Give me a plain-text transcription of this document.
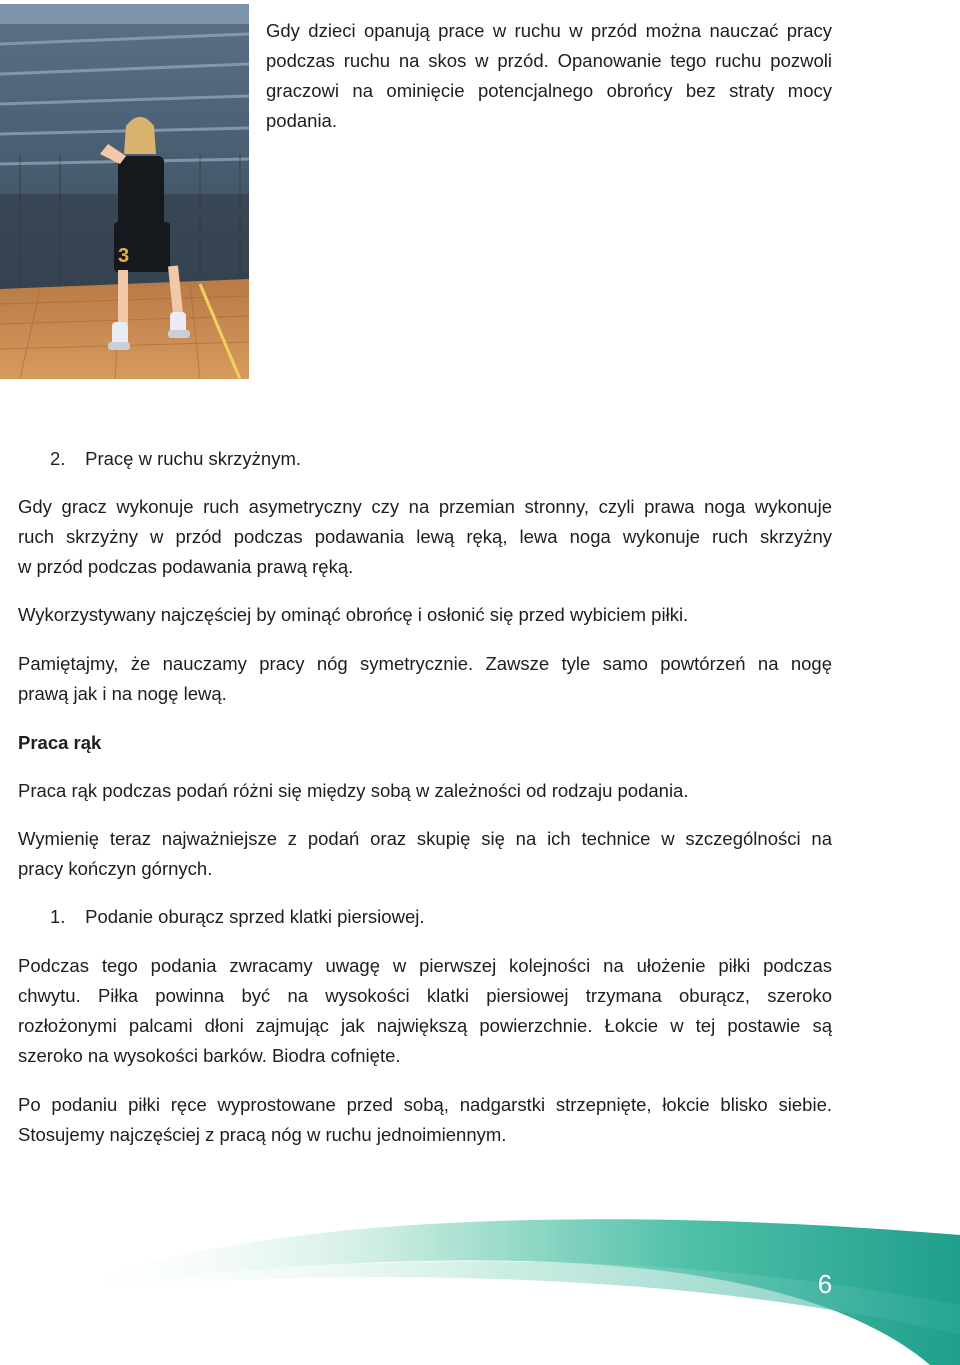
3
Gdy dzieci opanują prace w ruchu w przód można nauczać pracy
podczas ruchu na skos w przód. Opanowanie tego ruchu pozwoli
graczowi na ominięcie potencjalnego obrońcy bez straty mocy
podania.
2. Pracę w ruchu skrzyżnym.
Gdy gracz wykonuje ruch asymetryczny czy na przemian stronny, czyli prawa noga wykonuje
ruch skrzyżny w przód podczas podawania lewą ręką, lewa noga wykonuje ruch skrzyżny
w przód podczas podawania prawą ręką.
Wykorzystywany najczęściej by ominąć obrońcę i osłonić się przed wybiciem piłki.
Pamiętajmy, że nauczamy pracy nóg symetrycznie. Zawsze tyle samo powtórzeń na nogę
prawą jak i na nogę lewą.
Praca rąk
Praca rąk podczas podań różni się między sobą w zależności od rodzaju podania.
Wymienię teraz najważniejsze z podań oraz skupię się na ich technice w szczególności na
pracy kończyn górnych.
1. Podanie oburącz sprzed klatki piersiowej.
Podczas tego podania zwracamy uwagę w pierwszej kolejności na ułożenie piłki podczas
chwytu. Piłka powinna być na wysokości klatki piersiowej trzymana oburącz, szeroko
rozłożonymi palcami dłoni zajmując jak największą powierzchnie. Łokcie w tej postawie są
szeroko na wysokości barków. Biodra cofnięte.
Po podaniu piłki ręce wyprostowane przed sobą, nadgarstki strzepnięte, łokcie blisko siebie.
Stosujemy najczęściej z pracą nóg w ruchu jednoimiennym.
6
